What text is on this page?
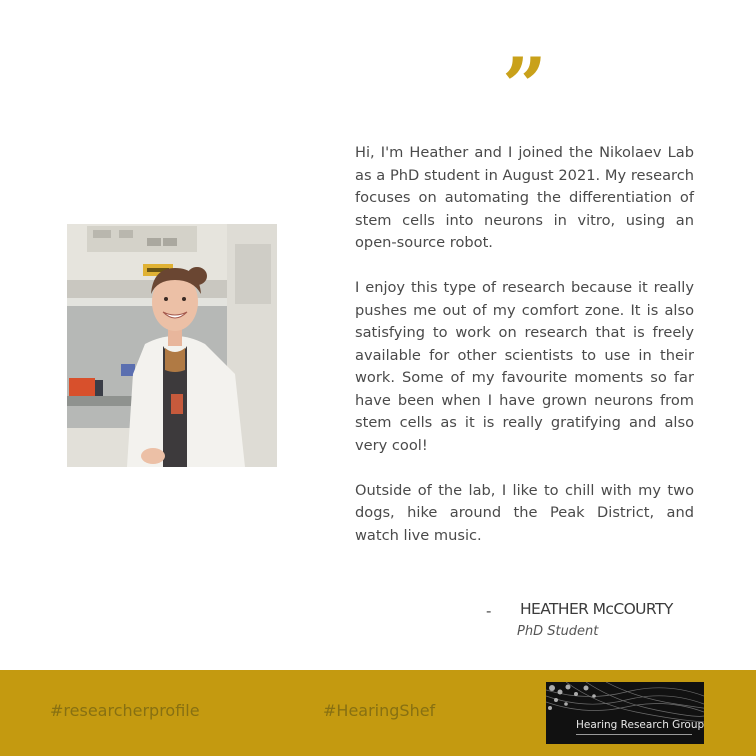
”

Hi, I'm Heather and I joined the Nikolaev Lab as a PhD student in August 2021. My research focuses on automating the differentiation of stem cells into neurons in vitro, using an open-source robot.

I enjoy this type of research because it really pushes me out of my comfort zone. It is also satisfying to work on research that is freely available for other scientists to use in their work. Some of my favourite moments so far have been when I have grown neurons from stem cells as it is really gratifying and also very cool!

Outside of the lab, I like to chill with my two dogs, hike around the Peak District, and watch live music.

- HEATHER McCOURTY
PhD Student
#researcherprofile	#HearingShef
Hearing Research Group
